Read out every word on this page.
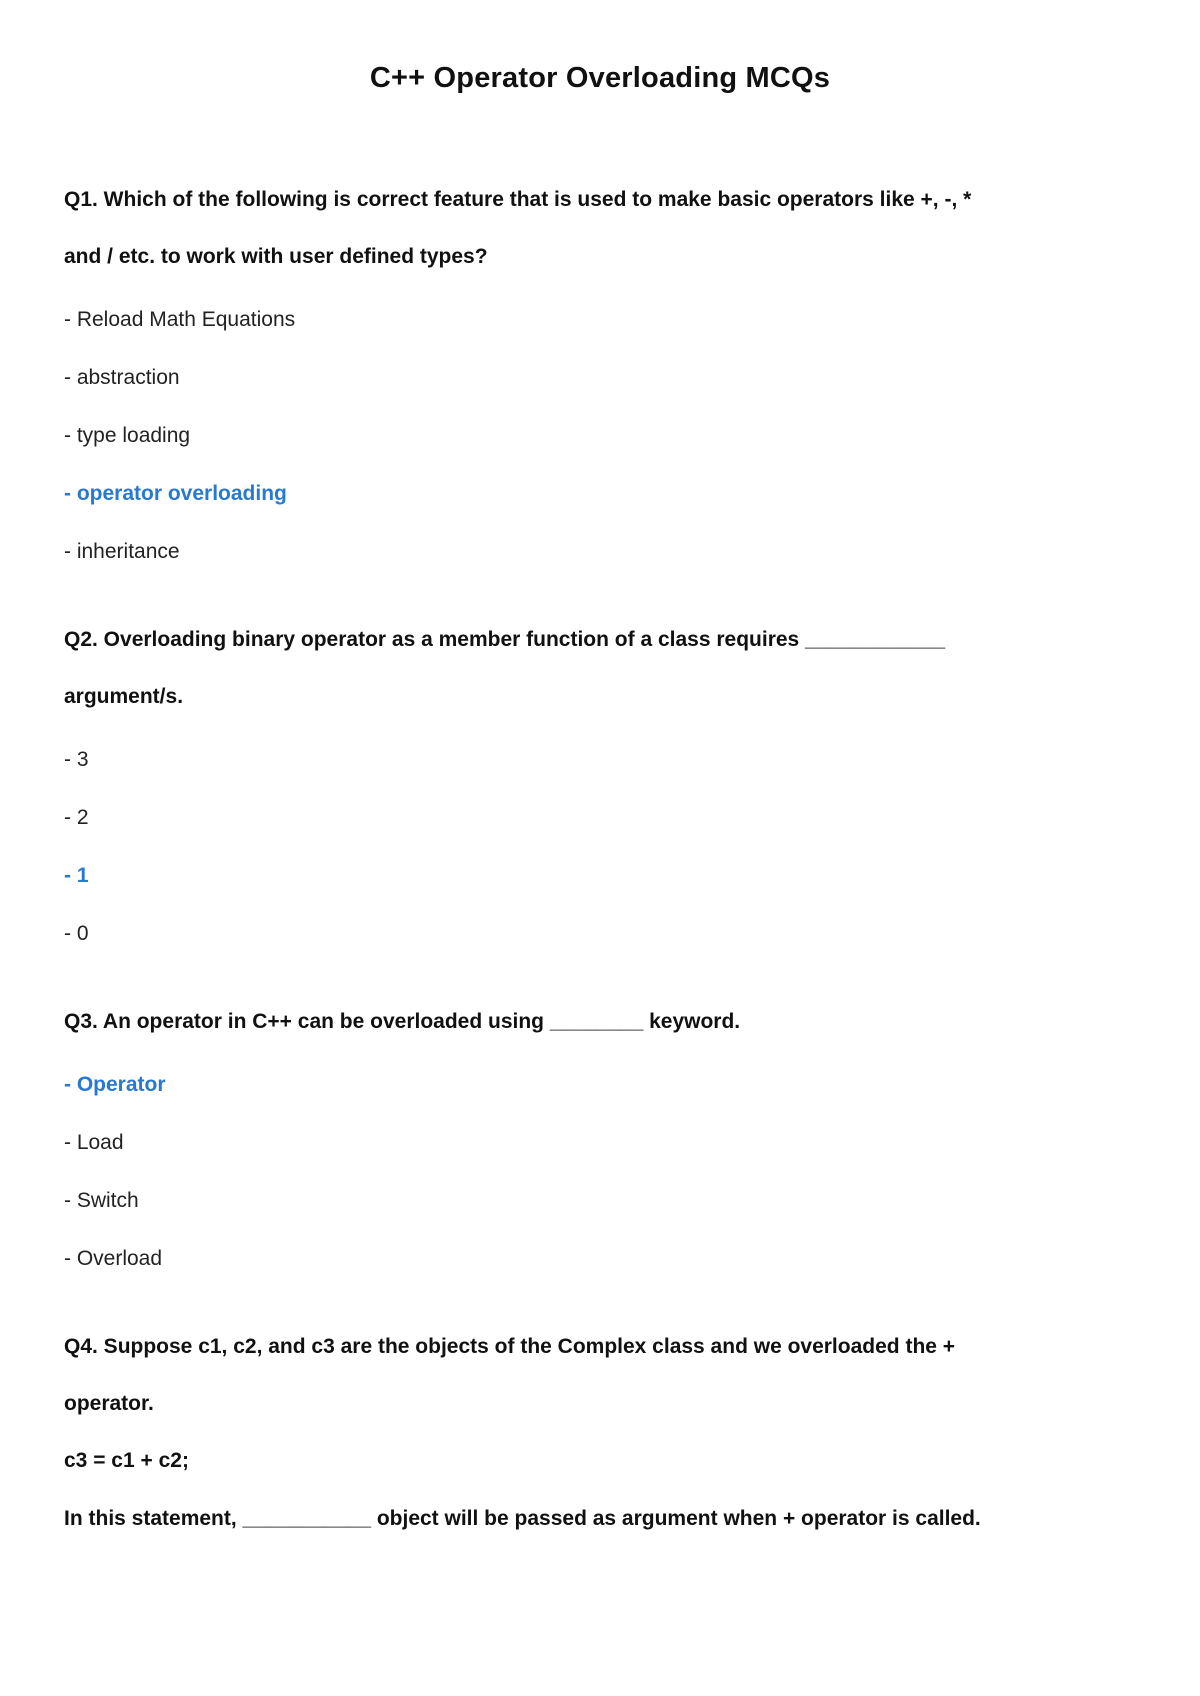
C++ Operator Overloading MCQs

Q1. Which of the following is correct feature that is used to make basic operators like +, -, *

and / etc. to work with user defined types?

- Reload Math Equations
- abstraction
- type loading
- operator overloading
- inheritance

Q2. Overloading binary operator as a member function of a class requires ____________

argument/s.

- 3
- 2
- 1
- 0

Q3. An operator in C++ can be overloaded using ________ keyword.

- Operator
- Load
- Switch
- Overload

Q4. Suppose c1, c2, and c3 are the objects of the Complex class and we overloaded the +

operator.

c3 = c1 + c2;

In this statement, ___________ object will be passed as argument when + operator is called.
